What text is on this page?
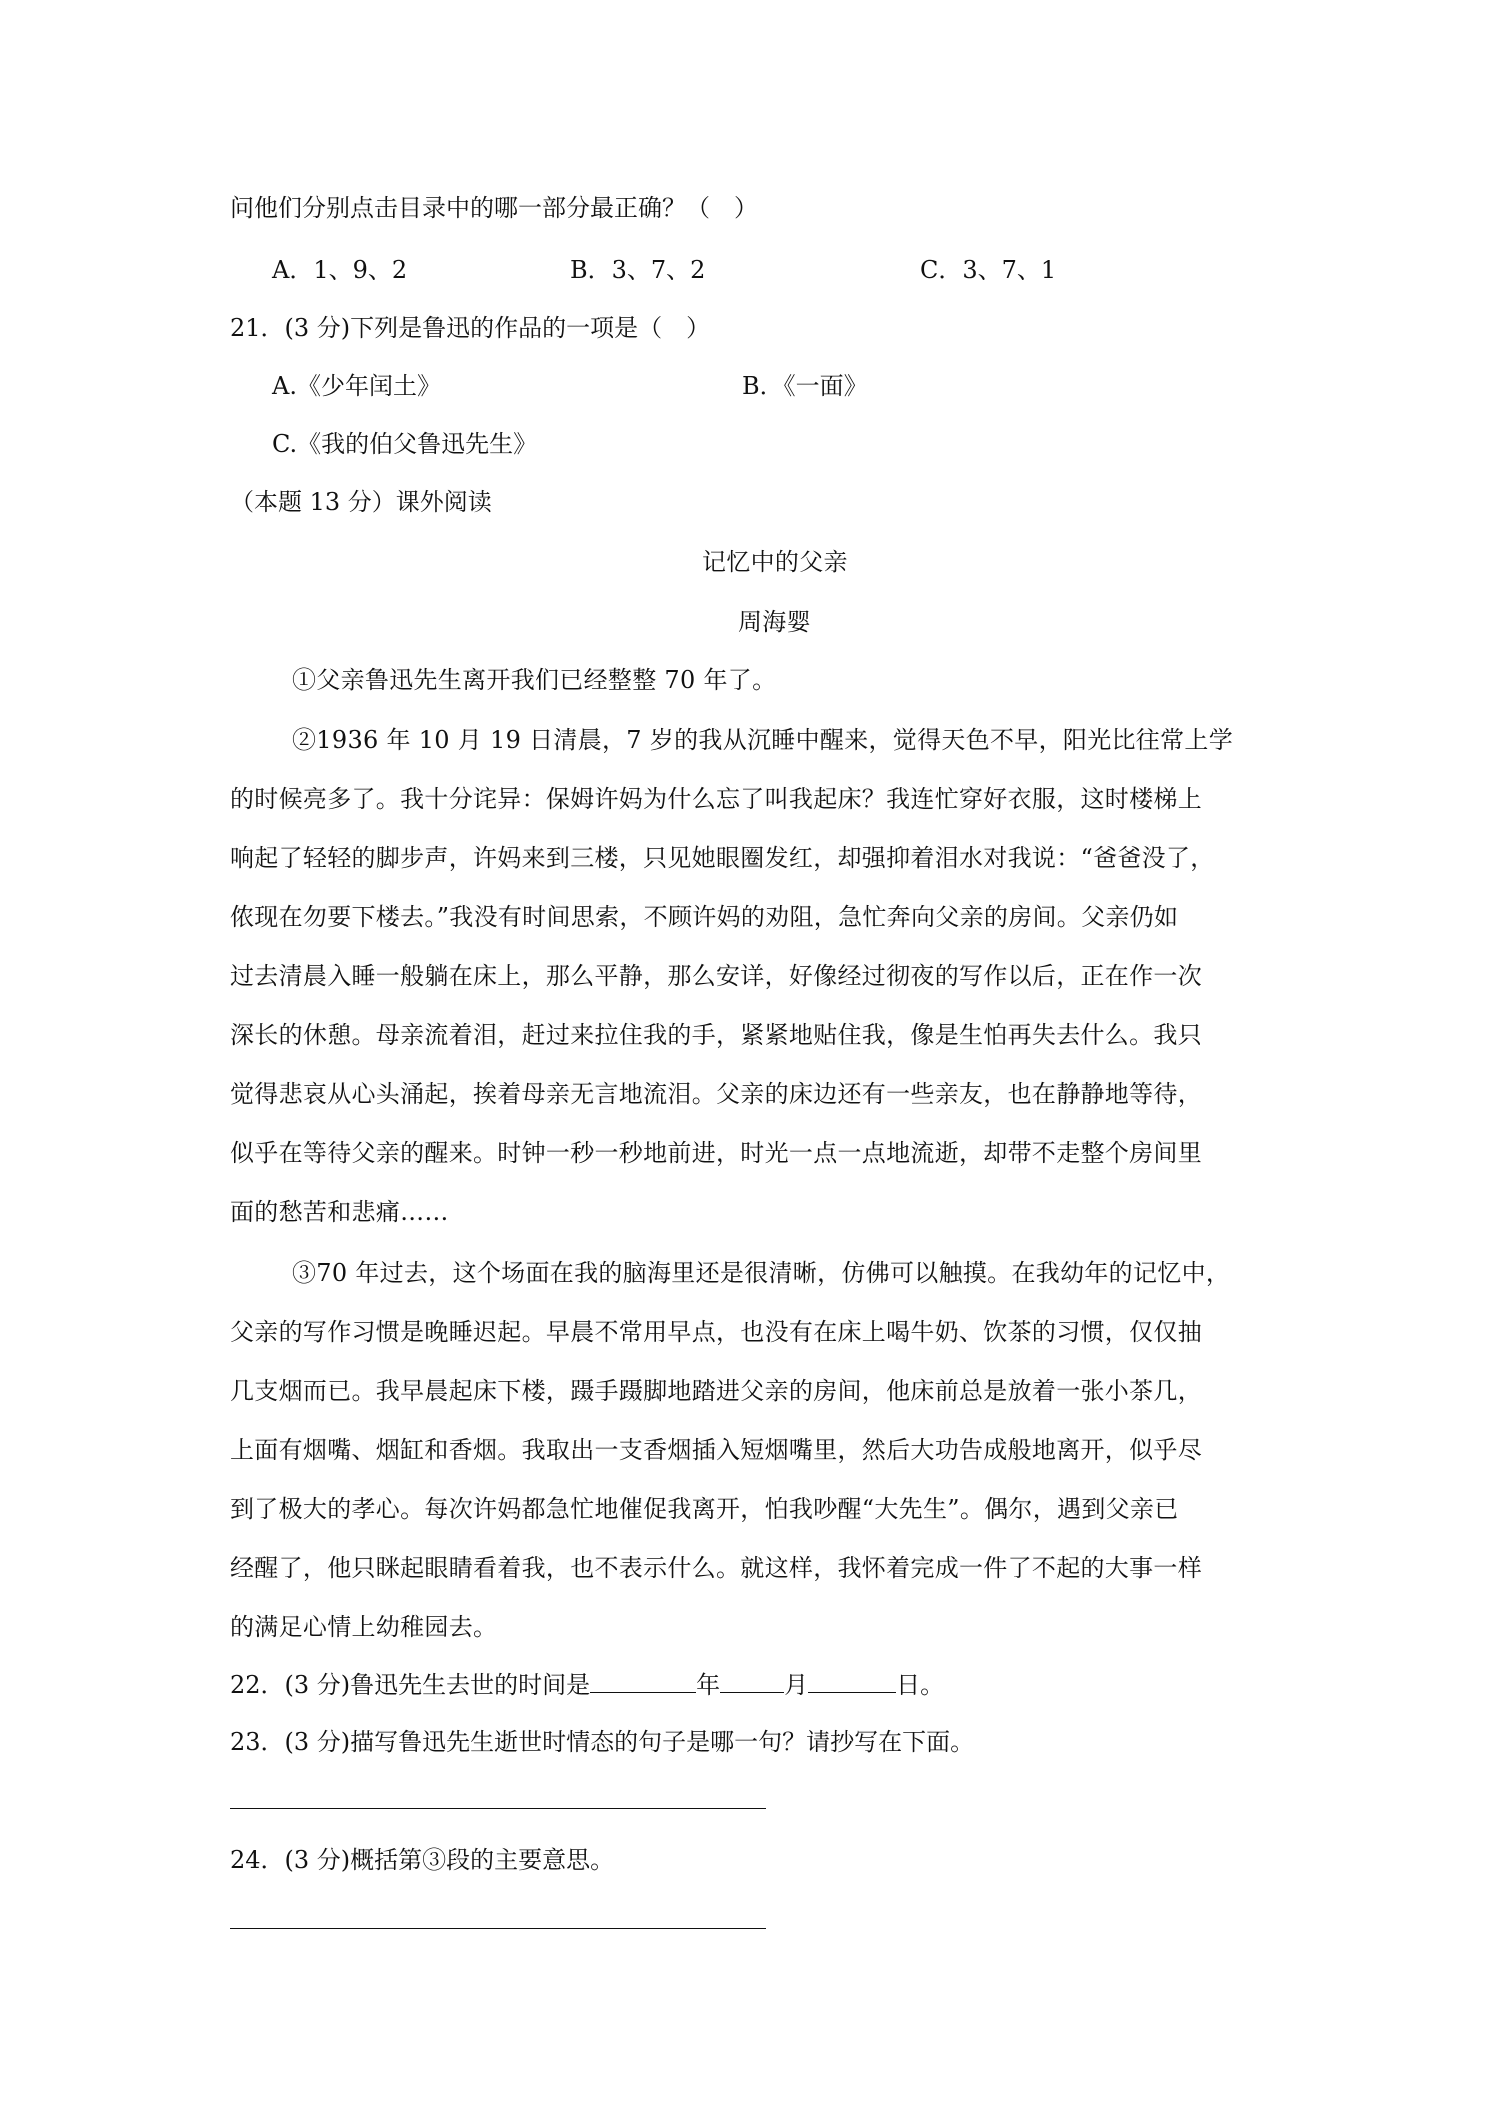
问他们分别点击目录中的哪一部分最正确？（　）
A．1、9、2	B．3、7、2	C．3、7、1
21．(3 分)下列是鲁迅的作品的一项是（　）
A.《少年闰土》	B．《一面》
C.《我的伯父鲁迅先生》
（本题 13 分）课外阅读
记忆中的父亲
周海婴
①父亲鲁迅先生离开我们已经整整 70 年了。
②1936 年 10 月 19 日清晨，7 岁的我从沉睡中醒来，觉得天色不早，阳光比往常上学
的时候亮多了。我十分诧异：保姆许妈为什么忘了叫我起床？我连忙穿好衣服，这时楼梯上
响起了轻轻的脚步声，许妈来到三楼，只见她眼圈发红，却强抑着泪水对我说：“爸爸没了，
侬现在勿要下楼去。”我没有时间思索，不顾许妈的劝阻，急忙奔向父亲的房间。父亲仍如
过去清晨入睡一般躺在床上，那么平静，那么安详，好像经过彻夜的写作以后，正在作一次
深长的休憩。母亲流着泪，赶过来拉住我的手，紧紧地贴住我，像是生怕再失去什么。我只
觉得悲哀从心头涌起，挨着母亲无言地流泪。父亲的床边还有一些亲友，也在静静地等待，
似乎在等待父亲的醒来。时钟一秒一秒地前进，时光一点一点地流逝，却带不走整个房间里
面的愁苦和悲痛……
③70 年过去，这个场面在我的脑海里还是很清晰，仿佛可以触摸。在我幼年的记忆中，
父亲的写作习惯是晚睡迟起。早晨不常用早点，也没有在床上喝牛奶、饮茶的习惯，仅仅抽
几支烟而已。我早晨起床下楼，蹑手蹑脚地踏进父亲的房间，他床前总是放着一张小茶几，
上面有烟嘴、烟缸和香烟。我取出一支香烟插入短烟嘴里，然后大功告成般地离开，似乎尽
到了极大的孝心。每次许妈都急忙地催促我离开，怕我吵醒“大先生”。偶尔，遇到父亲已
经醒了，他只眯起眼睛看着我，也不表示什么。就这样，我怀着完成一件了不起的大事一样
的满足心情上幼稚园去。
22．(3 分)鲁迅先生去世的时间是	年	月	日。
23．(3 分)描写鲁迅先生逝世时情态的句子是哪一句？请抄写在下面。
24．(3 分)概括第③段的主要意思。
